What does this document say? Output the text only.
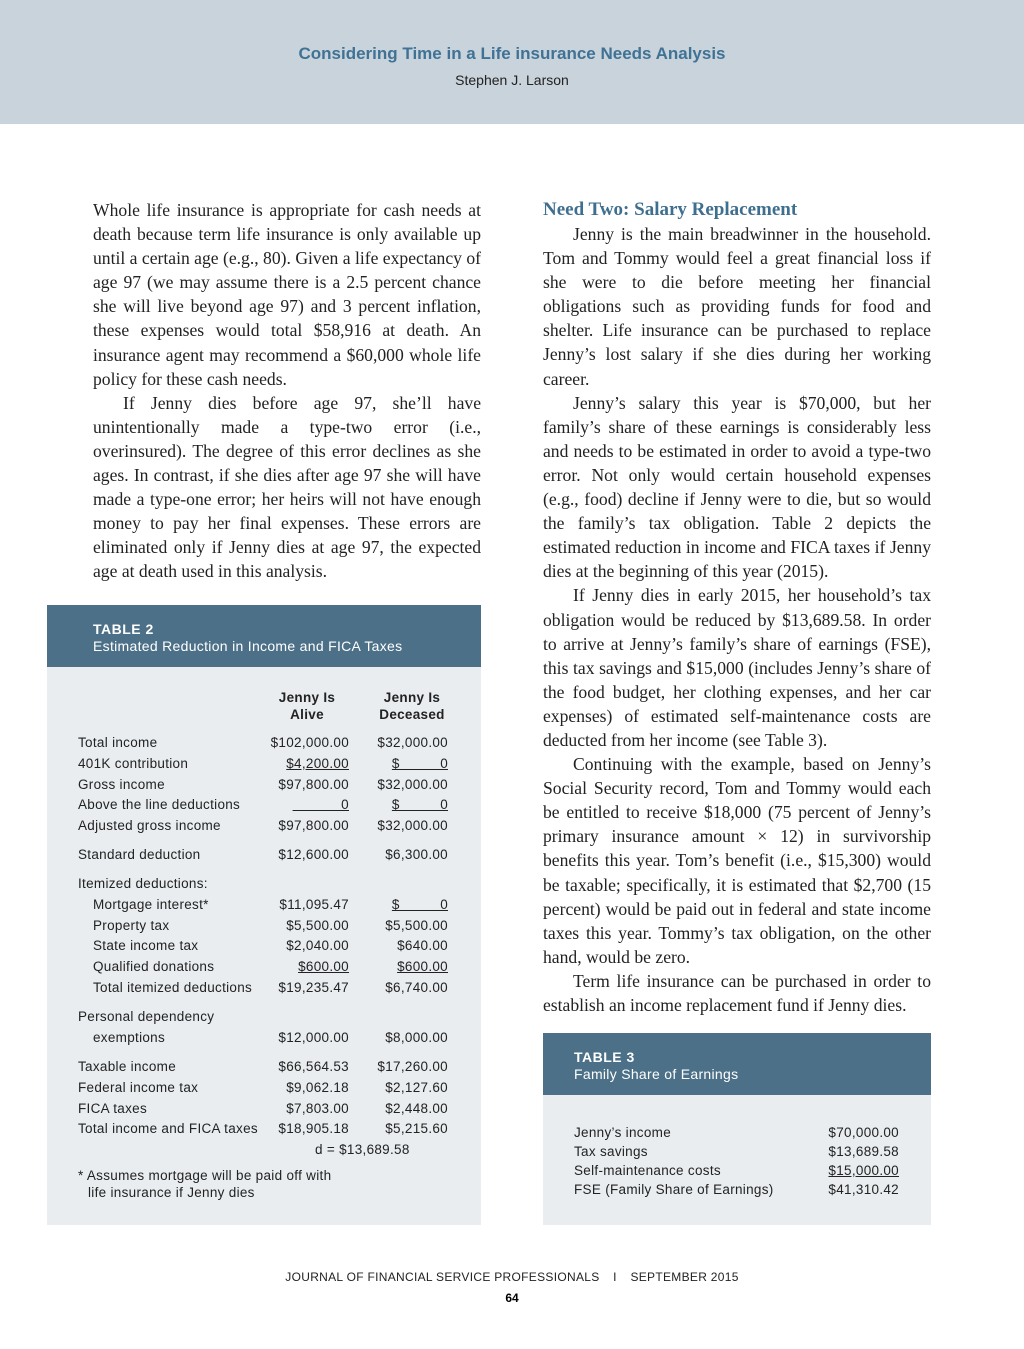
Considering Time in a Life insurance Needs Analysis
Stephen J. Larson

Whole life insurance is appropriate for cash needs at death because term life insurance is only available up until a certain age (e.g., 80). Given a life expectancy of age 97 (we may assume there is a 2.5 percent chance she will live beyond age 97) and 3 percent inflation, these expenses would total $58,916 at death. An insurance agent may recommend a $60,000 whole life policy for these cash needs.

If Jenny dies before age 97, she’ll have unintentionally made a type-two error (i.e., overinsured). The degree of this error declines as she ages. In contrast, if she dies after age 97 she will have made a type-one error; her heirs will not have enough money to pay her final expenses. These errors are eliminated only if Jenny dies at age 97, the expected age at death used in this analysis.

Need Two: Salary Replacement

Jenny is the main breadwinner in the household. Tom and Tommy would feel a great financial loss if she were to die before meeting her financial obligations such as providing funds for food and shelter. Life insurance can be purchased to replace Jenny’s lost salary if she dies during her working career.

Jenny’s salary this year is $70,000, but her family’s share of these earnings is considerably less and needs to be estimated in order to avoid a type-two error. Not only would certain household expenses (e.g., food) decline if Jenny were to die, but so would the family’s tax obligation. Table 2 depicts the estimated reduction in income and FICA taxes if Jenny dies at the beginning of this year (2015).

If Jenny dies in early 2015, her household’s tax obligation would be reduced by $13,689.58. In order to arrive at Jenny’s family’s share of earnings (FSE), this tax savings and $15,000 (includes Jenny’s share of the food budget, her clothing expenses, and her car expenses) of estimated self-maintenance costs are deducted from her income (see Table 3).

Continuing with the example, based on Jenny’s Social Security record, Tom and Tommy would each be entitled to receive $18,000 (75 percent of Jenny’s primary insurance amount × 12) in survivorship benefits this year. Tom’s benefit (i.e., $15,300) would be taxable; specifically, it is estimated that $2,700 (15 percent) would be paid out in federal and state income taxes this year. Tommy’s tax obligation, on the other hand, would be zero.

Term life insurance can be purchased in order to establish an income replacement fund if Jenny dies.

TABLE 2
Estimated Reduction in Income and FICA Taxes
Jenny Is
Alive
Jenny Is
Deceased
d = $13,689.58
* Assumes mortgage will be paid off with
life insurance if Jenny dies
Total income	$102,000.00	$32,000.00
401K contribution	$4,200.00	$          0
Gross income	$97,800.00	$32,000.00
Above the line deductions	0	$          0
Adjusted gross income	$97,800.00	$32,000.00
Standard deduction	$12,600.00	$6,300.00
Itemized deductions:
Mortgage interest*	$11,095.47	$          0
Property tax	$5,500.00	$5,500.00
State income tax	$2,040.00	$640.00
Qualified donations	$600.00	$600.00
Total itemized deductions	$19,235.47	$6,740.00
Personal dependency
exemptions	$12,000.00	$8,000.00
Taxable income	$66,564.53	$17,260.00
Federal income tax	$9,062.18	$2,127.60
FICA taxes	$7,803.00	$2,448.00
Total income and FICA taxes	$18,905.18	$5,215.60
TABLE 3
Family Share of Earnings
Jenny’s income	$70,000.00
Tax savings	$13,689.58
Self-maintenance costs	$15,000.00
FSE (Family Share of Earnings)	$41,310.42
JOURNAL OF FINANCIAL SERVICE PROFESSIONALS I SEPTEMBER 2015
64
